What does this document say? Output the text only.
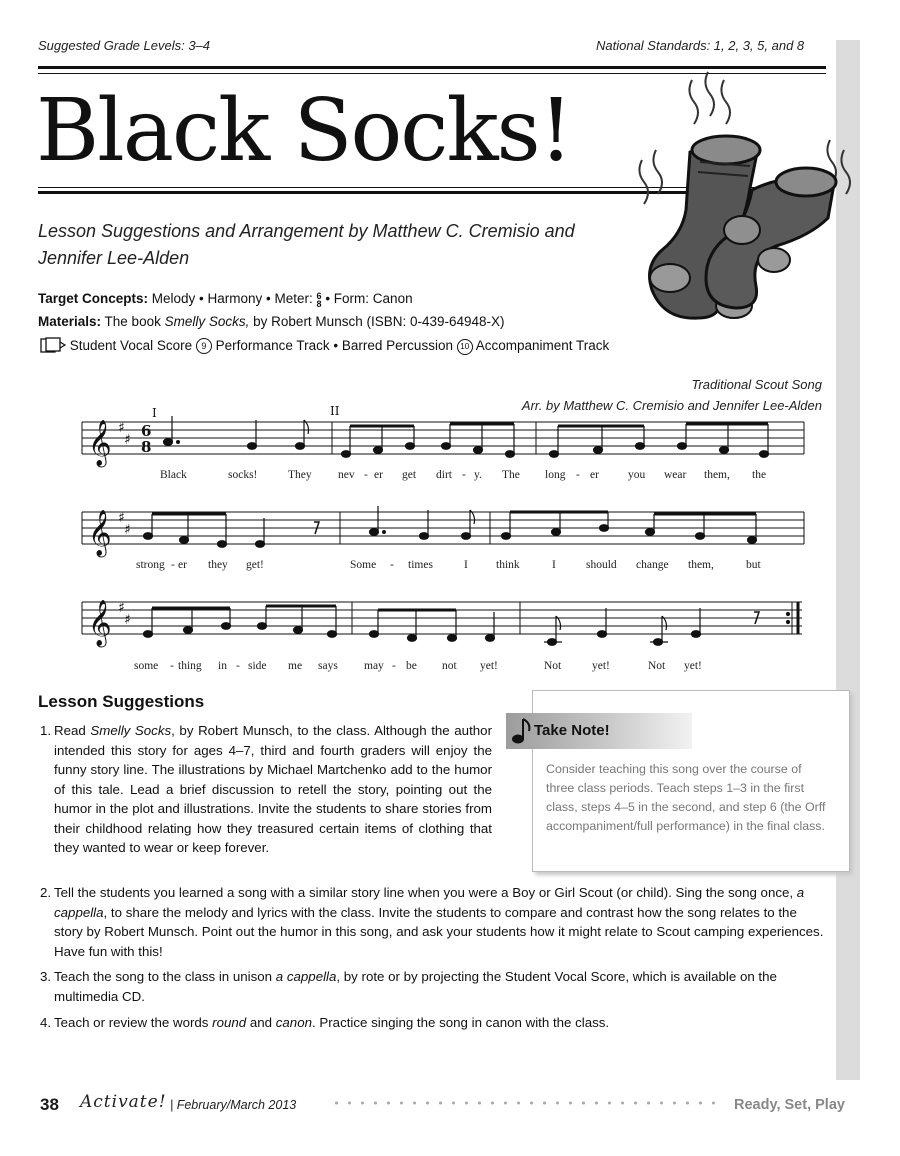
Suggested Grade Levels: 3–4	National Standards: 1, 2, 3, 5, and 8
Black Socks!
Lesson Suggestions and Arrangement by Matthew C. Cremisio and Jennifer Lee-Alden
Target Concepts: Melody • Harmony • Meter: 6
8 • Form: Canon
Materials: The book Smelly Socks, by Robert Munsch (ISBN: 0-439-64948-X)
Student Vocal Score 9 Performance Track • Barred Percussion 10 Accompaniment Track
Traditional Scout Song
Arr. by Matthew C. Cremisio and Jennifer Lee-Alden
𝄞
𝄞
𝄞
♯
♯
♯
♯
♯
♯
6
8
I	II
Black	socks!	They nev - er get dirt - y. The long - er	you wear them, the
strong - er they get!	Some - times	I think	I	should change them,	but
some - thing in - side me says may - be not yet!	Not	yet!	Not yet!
Take Note!
Consider teaching this song over the course of three class periods. Teach steps 1–3 in the first class, steps 4–5 in the second, and step 6 (the Orff accompaniment/full performance) in the final class.
Lesson Suggestions
1. Read Smelly Socks, by Robert Munsch, to the class. Although the author intended this story for ages 4–7, third and fourth graders will enjoy the funny story line. The illustrations by Michael Martchenko add to the humor of this tale. Lead a brief discussion to retell the story, pointing out the humor in the plot and illustrations. Invite the students to share stories from their childhood relating how they treasured certain items of clothing that they wanted to wear or keep forever.
2. Tell the students you learned a song with a similar story line when you were a Boy or Girl Scout (or child). Sing the song once, a cappella, to share the melody and lyrics with the class. Invite the students to compare and contrast how the song relates to the story by Robert Munsch. Point out the humor in this song, and ask your students how it might relate to Scout camping experiences. Have fun with this!
3. Teach the song to the class in unison a cappella, by rote or by projecting the Student Vocal Score, which is available on the multimedia CD.
4. Teach or review the words round and canon. Practice singing the song in canon with the class.
38 Activate! | February/March 2013	Ready, Set, Play
